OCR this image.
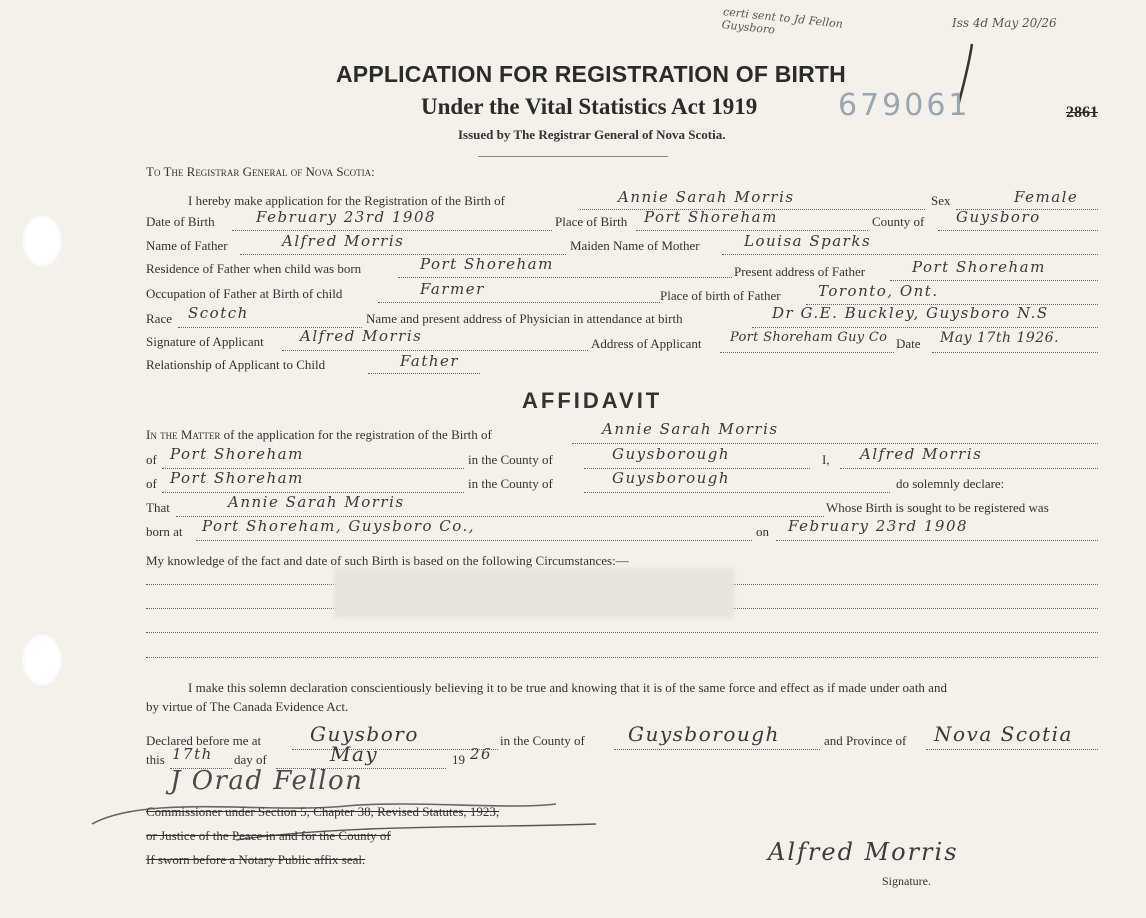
certi sent to Jd Fellon Guysboro	Iss 4d May 20/26
APPLICATION FOR REGISTRATION OF BIRTH
Under the Vital Statistics Act 1919	679061	2861
Issued by The Registrar General of Nova Scotia.
To The Registrar General of Nova Scotia:
I hereby make application for the Registration of the Birth of	Annie Sarah Morris	Sex	Female
Date of Birth	February 23rd 1908	Place of Birth Port Shoreham	County of Guysboro
Name of Father	Alfred Morris	Maiden Name of Mother	Louisa Sparks
Residence of Father when child was born	Port Shoreham	Present address of Father	Port Shoreham
Occupation of Father at Birth of child	Farmer	Place of birth of Father Toronto, Ont.
Race Scotch	Name and present address of Physician in attendance at birth	Dr G.E. Buckley, Guysboro N.S
Signature of Applicant Alfred Morris	Address of Applicant Port Shoreham Guy Co Date May 17th 1926.
Relationship of Applicant to Child	Father
AFFIDAVIT
In the Matter of the application for the registration of the Birth of	Annie Sarah Morris
of Port Shoreham	in the County of	Guysborough	I, Alfred Morris
of Port Shoreham	in the County of	Guysborough	do solemnly declare:
That	Annie Sarah Morris	Whose Birth is sought to be registered was
born at Port Shoreham, Guysboro Co.,	on February 23rd 1908
My knowledge of the fact and date of such Birth is based on the following Circumstances:—
I make this solemn declaration conscientiously believing it to be true and knowing that it is of the same force and effect as if made under oath and
by virtue of The Canada Evidence Act.
Declared before me at Guysboro	in the County of Guysborough	and Province of Nova Scotia
this 17th day of	May	19 26
J Orad Fellon
Commissioner under Section 5, Chapter 38, Revised Statutes, 1923,
or Justice of the Peace in and for the County of
If sworn before a Notary Public affix seal.	Alfred Morris
Signature.
